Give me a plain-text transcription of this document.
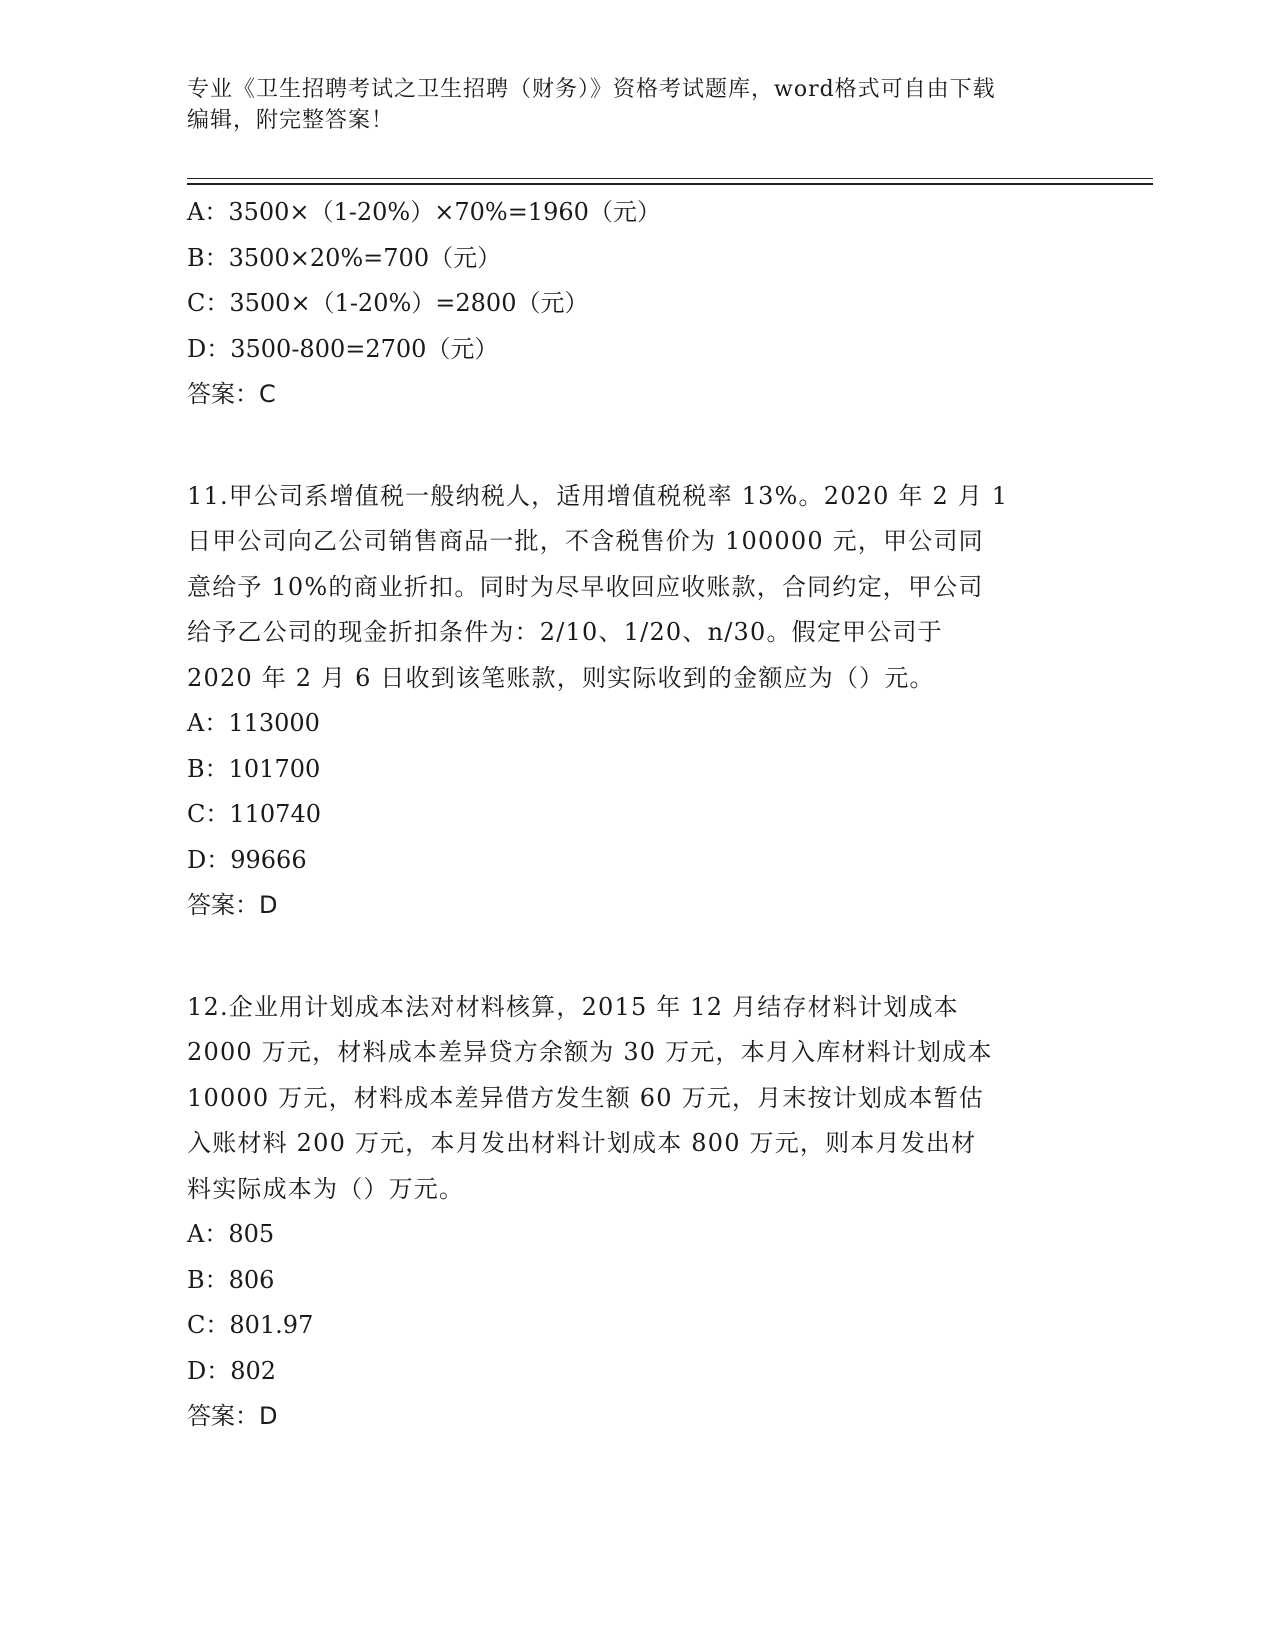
专业《卫生招聘考试之卫生招聘（财务）》资格考试题库，word格式可自由下载
编辑，附完整答案！
A：3500×（1-20%）×70%=1960（元）
B：3500×20%=700（元）
C：3500×（1-20%）=2800（元）
D：3500-800=2700（元）
答案：C
11.甲公司系增值税一般纳税人，适用增值税税率 13%。2020 年 2 月 1
日甲公司向乙公司销售商品一批，不含税售价为 100000 元，甲公司同
意给予 10%的商业折扣。同时为尽早收回应收账款，合同约定，甲公司
给予乙公司的现金折扣条件为：2/10、1/20、n/30。假定甲公司于
2020 年 2 月 6 日收到该笔账款，则实际收到的金额应为（）元。
A：113000
B：101700
C：110740
D：99666
答案：D
12.企业用计划成本法对材料核算，2015 年 12 月结存材料计划成本
2000 万元，材料成本差异贷方余额为 30 万元，本月入库材料计划成本
10000 万元，材料成本差异借方发生额 60 万元，月末按计划成本暂估
入账材料 200 万元，本月发出材料计划成本 800 万元，则本月发出材
料实际成本为（）万元。
A：805
B：806
C：801.97
D：802
答案：D
